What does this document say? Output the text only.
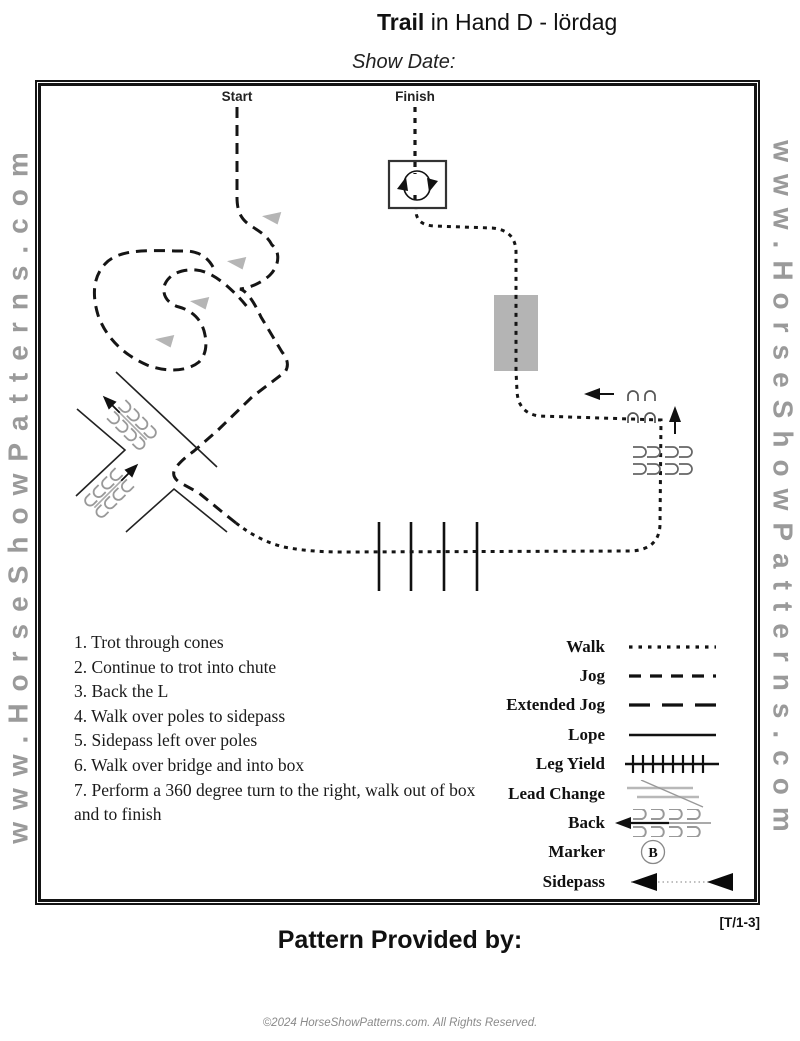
Trail in Hand D - lördag
Show Date:
www.HorseShowPatterns.com	www.HorseShowPatterns.com
Start	Finish
1. Trot through cones
2. Continue to trot into chute
3. Back the L
4. Walk over poles to sidepass
5. Sidepass left over poles
6. Walk over bridge and into box
7. Perform a 360 degree turn to the right, walk out of box and to finish
Walk
Jog
Extended Jog
Lope
Leg Yield
Lead Change
Back
Marker	B
Sidepass
[T/1-3]
Pattern Provided by:
©2024 HorseShowPatterns.com. All Rights Reserved.
